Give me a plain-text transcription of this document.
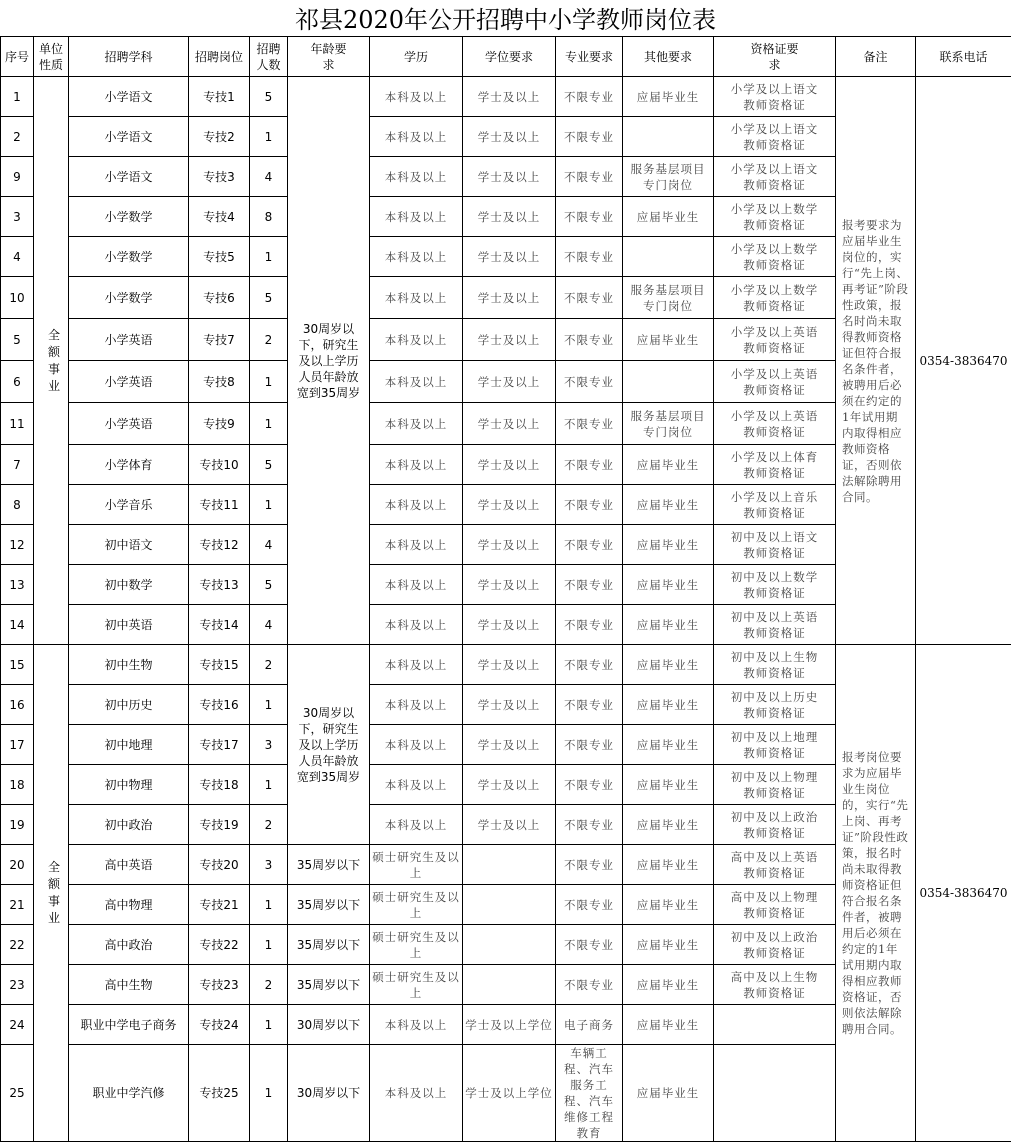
祁县2020年公开招聘中小学教师岗位表
序号	单位性质	招聘学科	招聘岗位	招聘人数	年龄要求	学历	学位要求	专业要求	其他要求	资格证要求	备注	联系电话
1	全额事业	小学语文	专技1	5	30周岁以下，研究生及以上学历人员年龄放宽到35周岁	本科及以上	学士及以上	不限专业	应届毕业生	小学及以上语文教师资格证	报考要求为应届毕业生岗位的，实行“先上岗、再考证”阶段性政策，报名时尚未取得教师资格证但符合报名条件者，被聘用后必须在约定的1年试用期内取得相应教师资格证，否则依法解除聘用合同。	0354-3836470
2		小学语文	专技2	1		本科及以上	学士及以上	不限专业		小学及以上语文教师资格证		
9		小学语文	专技3	4		本科及以上	学士及以上	不限专业	服务基层项目专门岗位	小学及以上语文教师资格证		
3		小学数学	专技4	8		本科及以上	学士及以上	不限专业	应届毕业生	小学及以上数学教师资格证		
4		小学数学	专技5	1		本科及以上	学士及以上	不限专业		小学及以上数学教师资格证		
10		小学数学	专技6	5		本科及以上	学士及以上	不限专业	服务基层项目专门岗位	小学及以上数学教师资格证		
5		小学英语	专技7	2		本科及以上	学士及以上	不限专业	应届毕业生	小学及以上英语教师资格证		
6		小学英语	专技8	1		本科及以上	学士及以上	不限专业		小学及以上英语教师资格证		
11		小学英语	专技9	1		本科及以上	学士及以上	不限专业	服务基层项目专门岗位	小学及以上英语教师资格证		
7		小学体育	专技10	5		本科及以上	学士及以上	不限专业	应届毕业生	小学及以上体育教师资格证		
8		小学音乐	专技11	1		本科及以上	学士及以上	不限专业	应届毕业生	小学及以上音乐教师资格证		
12		初中语文	专技12	4		本科及以上	学士及以上	不限专业	应届毕业生	初中及以上语文教师资格证		
13		初中数学	专技13	5		本科及以上	学士及以上	不限专业	应届毕业生	初中及以上数学教师资格证		
14		初中英语	专技14	4		本科及以上	学士及以上	不限专业	应届毕业生	初中及以上英语教师资格证		
15	全额事业	初中生物	专技15	2	30周岁以下，研究生及以上学历人员年龄放宽到35周岁	本科及以上	学士及以上	不限专业	应届毕业生	初中及以上生物教师资格证	报考岗位要求为应届毕业生岗位的，实行“先上岗、再考证”阶段性政策，报名时尚未取得教师资格证但符合报名条件者，被聘用后必须在约定的1年试用期内取得相应教师资格证，否则依法解除聘用合同。	0354-3836470
16		初中历史	专技16	1		本科及以上	学士及以上	不限专业	应届毕业生	初中及以上历史教师资格证		
17		初中地理	专技17	3		本科及以上	学士及以上	不限专业	应届毕业生	初中及以上地理教师资格证		
18		初中物理	专技18	1		本科及以上	学士及以上	不限专业	应届毕业生	初中及以上物理教师资格证		
19		初中政治	专技19	2		本科及以上	学士及以上	不限专业	应届毕业生	初中及以上政治教师资格证		
20		高中英语	专技20	3	35周岁以下	硕士研究生及以上		不限专业	应届毕业生	高中及以上英语教师资格证		
21		高中物理	专技21	1	35周岁以下	硕士研究生及以上		不限专业	应届毕业生	高中及以上物理教师资格证		
22		高中政治	专技22	1	35周岁以下	硕士研究生及以上		不限专业	应届毕业生	初中及以上政治教师资格证		
23		高中生物	专技23	2	35周岁以下	硕士研究生及以上		不限专业	应届毕业生	高中及以上生物教师资格证		
24		职业中学电子商务	专技24	1	30周岁以下	本科及以上	学士及以上学位	电子商务	应届毕业生			
25		职业中学汽修	专技25	1	30周岁以下	本科及以上	学士及以上学位	车辆工程、汽车服务工程、汽车维修工程教育	应届毕业生			
